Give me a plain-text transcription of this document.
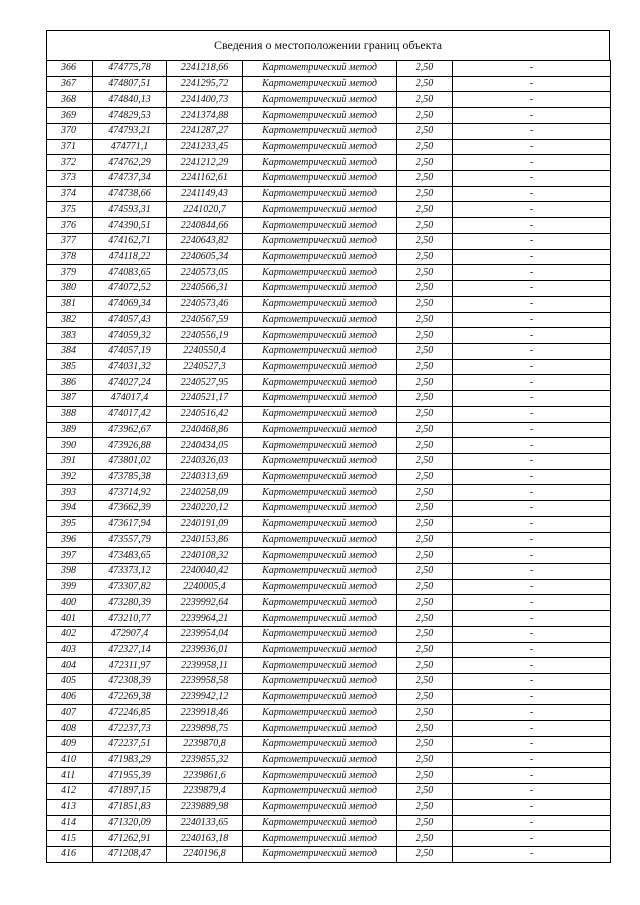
Сведения о местоположении границ объекта
366	474775,78	2241218,66	Картометрический метод	2,50	-
367	474807,51	2241295,72	Картометрический метод	2,50	-
368	474840,13	2241400,73	Картометрический метод	2,50	-
369	474829,53	2241374,88	Картометрический метод	2,50	-
370	474793,21	2241287,27	Картометрический метод	2,50	-
371	474771,1	2241233,45	Картометрический метод	2,50	-
372	474762,29	2241212,29	Картометрический метод	2,50	-
373	474737,34	2241162,61	Картометрический метод	2,50	-
374	474738,66	2241149,43	Картометрический метод	2,50	-
375	474593,31	2241020,7	Картометрический метод	2,50	-
376	474390,51	2240844,66	Картометрический метод	2,50	-
377	474162,71	2240643,82	Картометрический метод	2,50	-
378	474118,22	2240605,34	Картометрический метод	2,50	-
379	474083,65	2240573,05	Картометрический метод	2,50	-
380	474072,52	2240566,31	Картометрический метод	2,50	-
381	474069,34	2240573,46	Картометрический метод	2,50	-
382	474057,43	2240567,59	Картометрический метод	2,50	-
383	474059,32	2240556,19	Картометрический метод	2,50	-
384	474057,19	2240550,4	Картометрический метод	2,50	-
385	474031,32	2240527,3	Картометрический метод	2,50	-
386	474027,24	2240527,95	Картометрический метод	2,50	-
387	474017,4	2240521,17	Картометрический метод	2,50	-
388	474017,42	2240516,42	Картометрический метод	2,50	-
389	473962,67	2240468,86	Картометрический метод	2,50	-
390	473926,88	2240434,05	Картометрический метод	2,50	-
391	473801,02	2240326,03	Картометрический метод	2,50	-
392	473785,38	2240313,69	Картометрический метод	2,50	-
393	473714,92	2240258,09	Картометрический метод	2,50	-
394	473662,39	2240220,12	Картометрический метод	2,50	-
395	473617,94	2240191,09	Картометрический метод	2,50	-
396	473557,79	2240153,86	Картометрический метод	2,50	-
397	473483,65	2240108,32	Картометрический метод	2,50	-
398	473373,12	2240040,42	Картометрический метод	2,50	-
399	473307,82	2240005,4	Картометрический метод	2,50	-
400	473280,39	2239992,64	Картометрический метод	2,50	-
401	473210,77	2239964,21	Картометрический метод	2,50	-
402	472907,4	2239954,04	Картометрический метод	2,50	-
403	472327,14	2239936,01	Картометрический метод	2,50	-
404	472311,97	2239958,11	Картометрический метод	2,50	-
405	472308,39	2239958,58	Картометрический метод	2,50	-
406	472269,38	2239942,12	Картометрический метод	2,50	-
407	472246,85	2239918,46	Картометрический метод	2,50	-
408	472237,73	2239898,75	Картометрический метод	2,50	-
409	472237,51	2239870,8	Картометрический метод	2,50	-
410	471983,29	2239855,32	Картометрический метод	2,50	-
411	471955,39	2239861,6	Картометрический метод	2,50	-
412	471897,15	2239879,4	Картометрический метод	2,50	-
413	471851,83	2239889,98	Картометрический метод	2,50	-
414	471320,09	2240133,65	Картометрический метод	2,50	-
415	471262,91	2240163,18	Картометрический метод	2,50	-
416	471208,47	2240196,8	Картометрический метод	2,50	-
